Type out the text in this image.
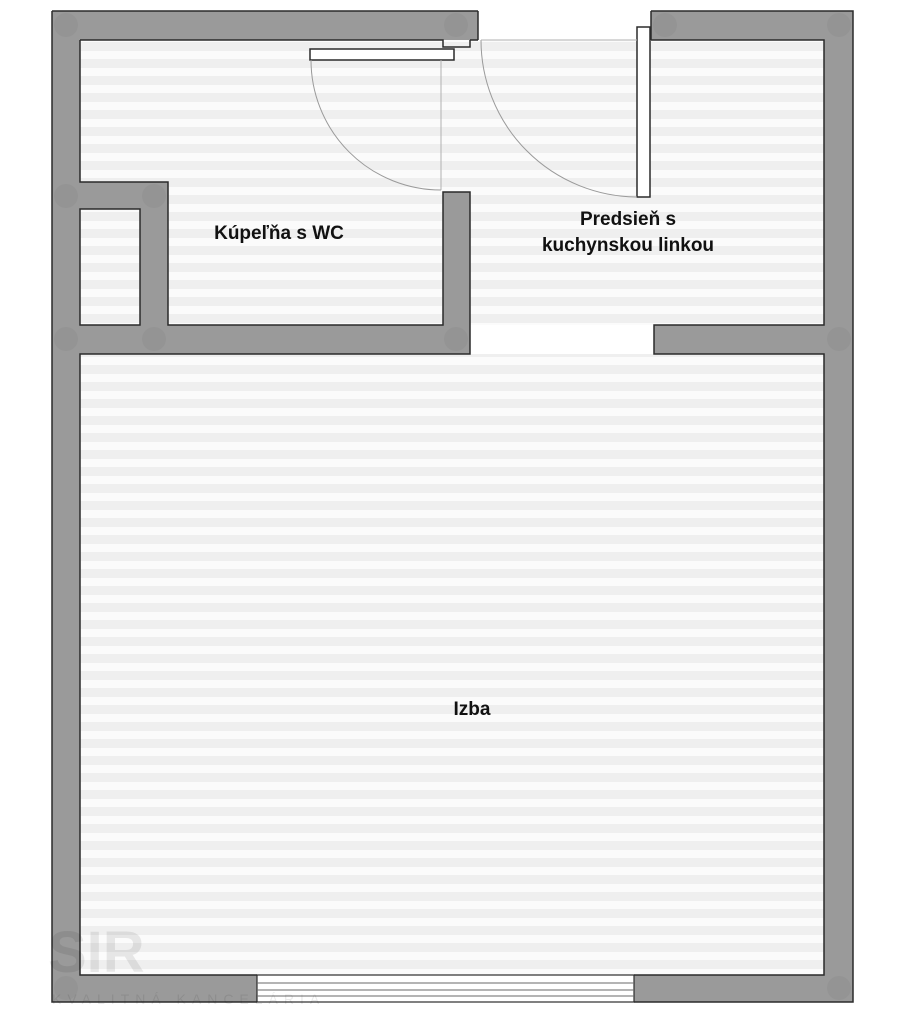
SIR
KVALITNÁ KANCELÁRIA
Kúpeľňa s WC
Predsieň s
kuchynskou linkou
Izba
